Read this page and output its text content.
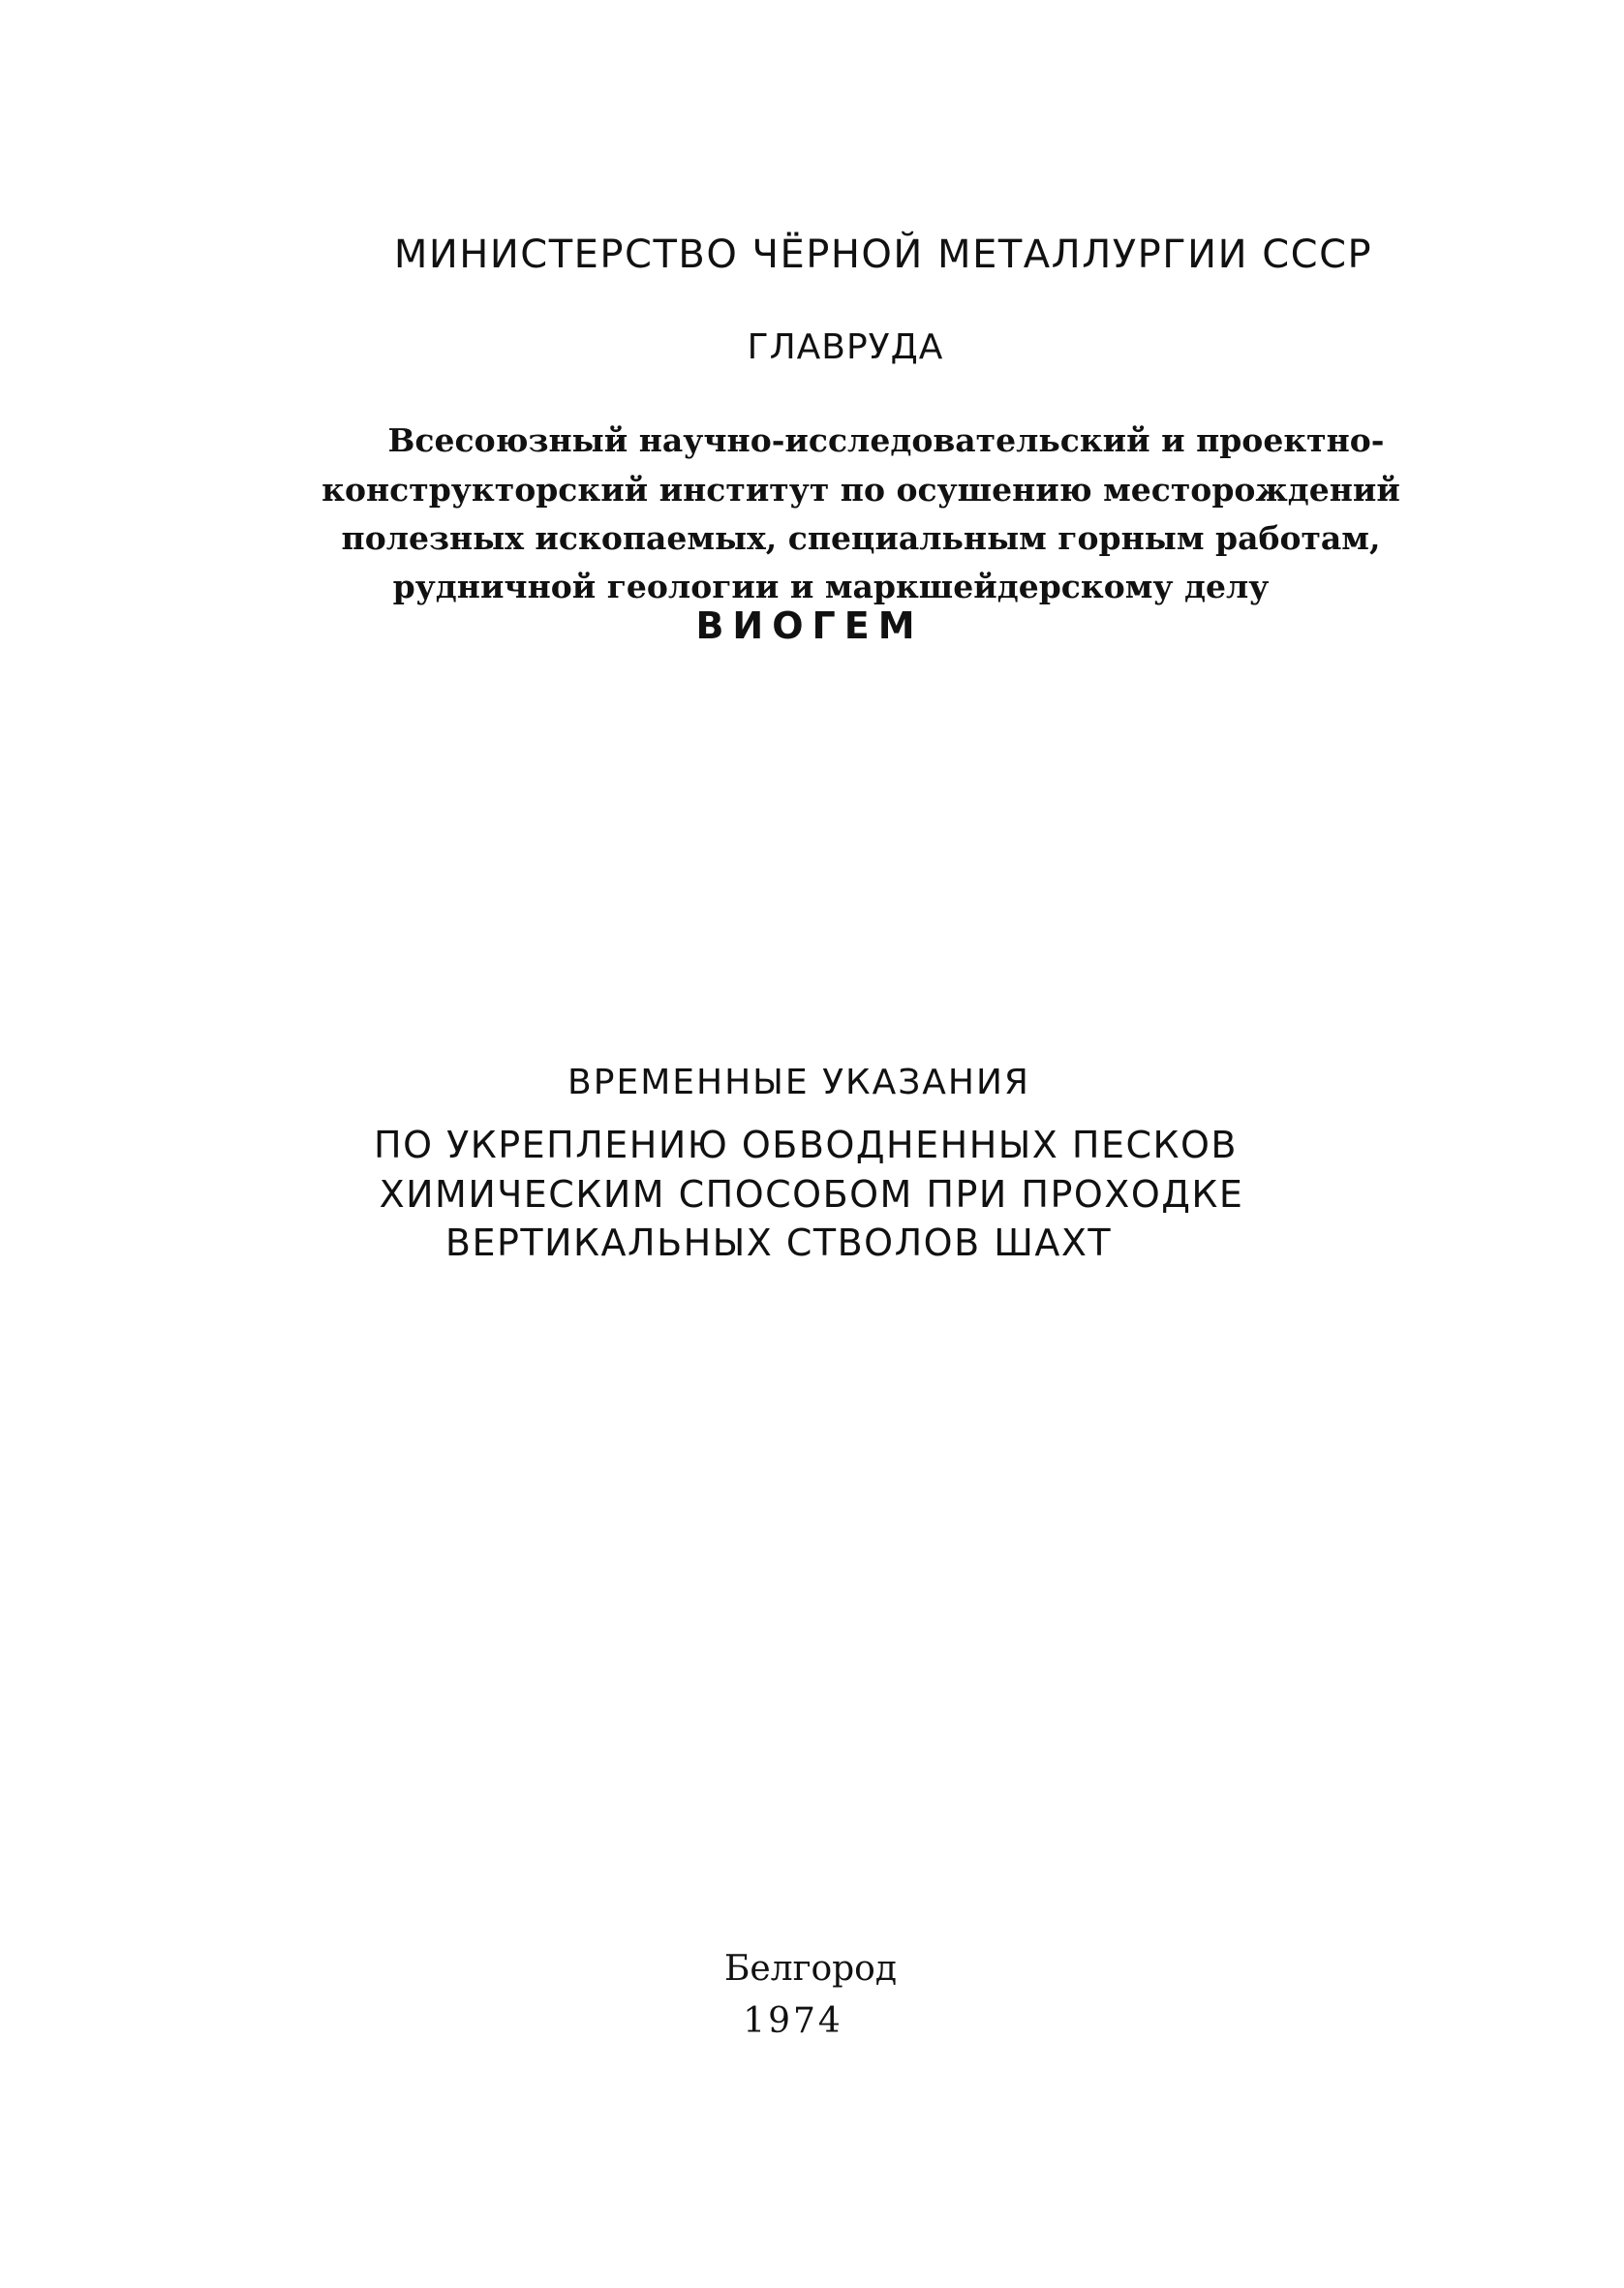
МИНИСТЕРСТВО ЧЁРНОЙ МЕТАЛЛУРГИИ СССР
ГЛАВРУДА
Всесоюзный научно-исследовательский и проектно-
конструкторский институт по осушению месторождений
полезных ископаемых, специальным горным работам,
рудничной геологии и маркшейдерскому делу
ВИОГЕМ
ВРЕМЕННЫЕ УКАЗАНИЯ
ПО УКРЕПЛЕНИЮ ОБВОДНЕННЫХ ПЕСКОВ
ХИМИЧЕСКИМ СПОСОБОМ ПРИ ПРОХОДКЕ
ВЕРТИКАЛЬНЫХ СТВОЛОВ ШАХТ
Белгород
1974
